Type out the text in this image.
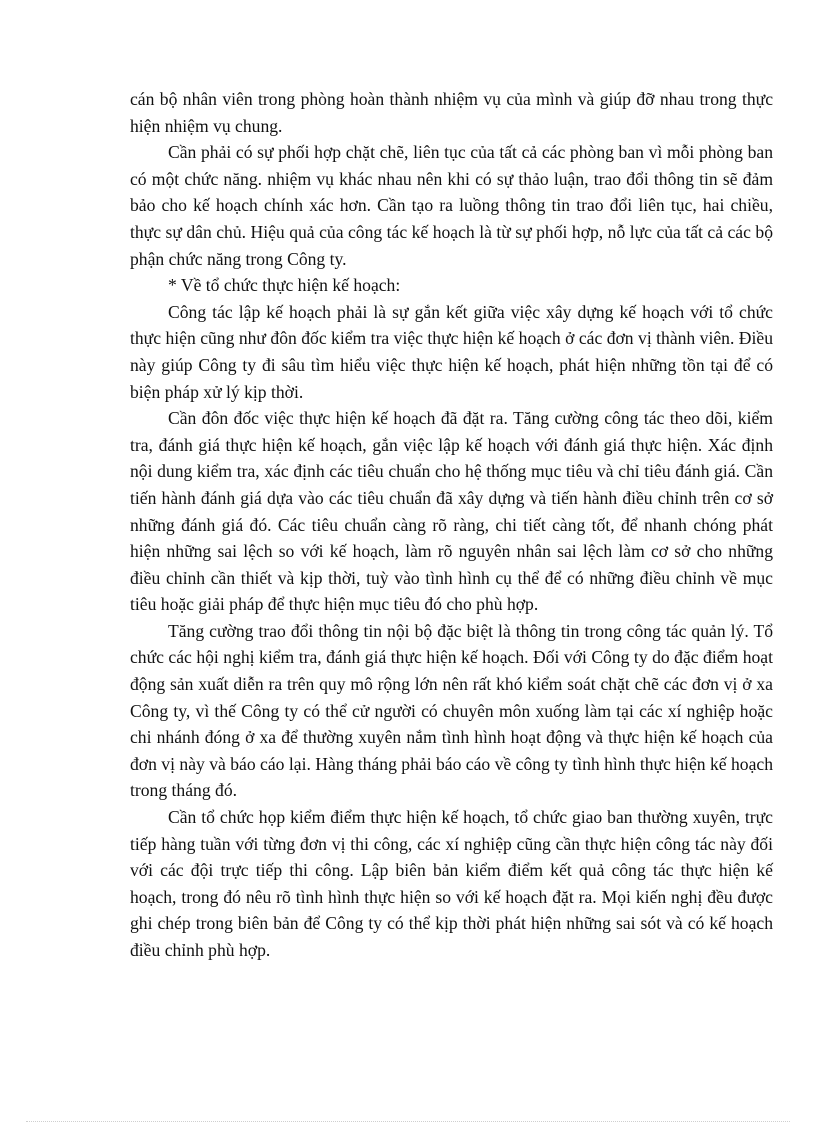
cán bộ nhân viên trong phòng hoàn thành nhiệm vụ của mình và giúp đỡ nhau trong thực hiện nhiệm vụ chung.

Cần phải có sự phối hợp chặt chẽ, liên tục của tất cả các phòng ban vì mỗi phòng ban có một chức năng. nhiệm vụ khác nhau nên khi có sự thảo luận, trao đổi thông tin sẽ đảm bảo cho kế hoạch chính xác hơn. Cần tạo ra luồng thông tin trao đổi liên tục, hai chiều, thực sự dân chủ. Hiệu quả của công tác kế hoạch là từ sự phối hợp, nỗ lực của tất cả các bộ phận chức năng trong Công ty.

* Về tổ chức thực hiện kế hoạch:

Công tác lập kế hoạch phải là sự gắn kết giữa việc xây dựng kế hoạch với tổ chức thực hiện cũng như đôn đốc kiểm tra việc thực hiện kế hoạch ở các đơn vị thành viên. Điều này giúp Công ty đi sâu tìm hiểu việc thực hiện kế hoạch, phát hiện những tồn tại để có biện pháp xử lý kịp thời.

Cần đôn đốc việc thực hiện kế hoạch đã đặt ra. Tăng cường công tác theo dõi, kiểm tra, đánh giá thực hiện kế hoạch, gắn việc lập kế hoạch với đánh giá thực hiện. Xác định nội dung kiểm tra, xác định các tiêu chuẩn cho hệ thống mục tiêu và chỉ tiêu đánh giá. Cần tiến hành đánh giá dựa vào các tiêu chuẩn đã xây dựng và tiến hành điều chỉnh trên cơ sở những đánh giá đó. Các tiêu chuẩn càng rõ ràng, chi tiết càng tốt, để nhanh chóng phát hiện những sai lệch so với kế hoạch, làm rõ nguyên nhân sai lệch làm cơ sở cho những điều chỉnh cần thiết và kịp thời, tuỳ vào tình hình cụ thể để có những điều chỉnh về mục tiêu hoặc giải pháp để thực hiện mục tiêu đó cho phù hợp.

Tăng cường trao đổi thông tin nội bộ đặc biệt là thông tin trong công tác quản lý. Tổ chức các hội nghị kiểm tra, đánh giá thực hiện kế hoạch. Đối với Công ty do đặc điểm hoạt động sản xuất diễn ra trên quy mô rộng lớn nên rất khó kiểm soát chặt chẽ các đơn vị ở xa Công ty, vì thế Công ty có thể cử người có chuyên môn xuống làm tại các xí nghiệp hoặc chi nhánh đóng ở xa để thường xuyên nắm tình hình hoạt động và thực hiện kế hoạch của đơn vị này và báo cáo lại. Hàng tháng phải báo cáo về công ty tình hình thực hiện kế hoạch trong tháng đó.

Cần tổ chức họp kiểm điểm thực hiện kế hoạch, tổ chức giao ban thường xuyên, trực tiếp hàng tuần với từng đơn vị thi công, các xí nghiệp cũng cần thực hiện công tác này đối với các đội trực tiếp thi công. Lập biên bản kiểm điểm kết quả công tác thực hiện kế hoạch, trong đó nêu rõ tình hình thực hiện so với kế hoạch đặt ra. Mọi kiến nghị đều được ghi chép trong biên bản để Công ty có thể kịp thời phát hiện những sai sót và có kế hoạch điều chỉnh phù hợp.
